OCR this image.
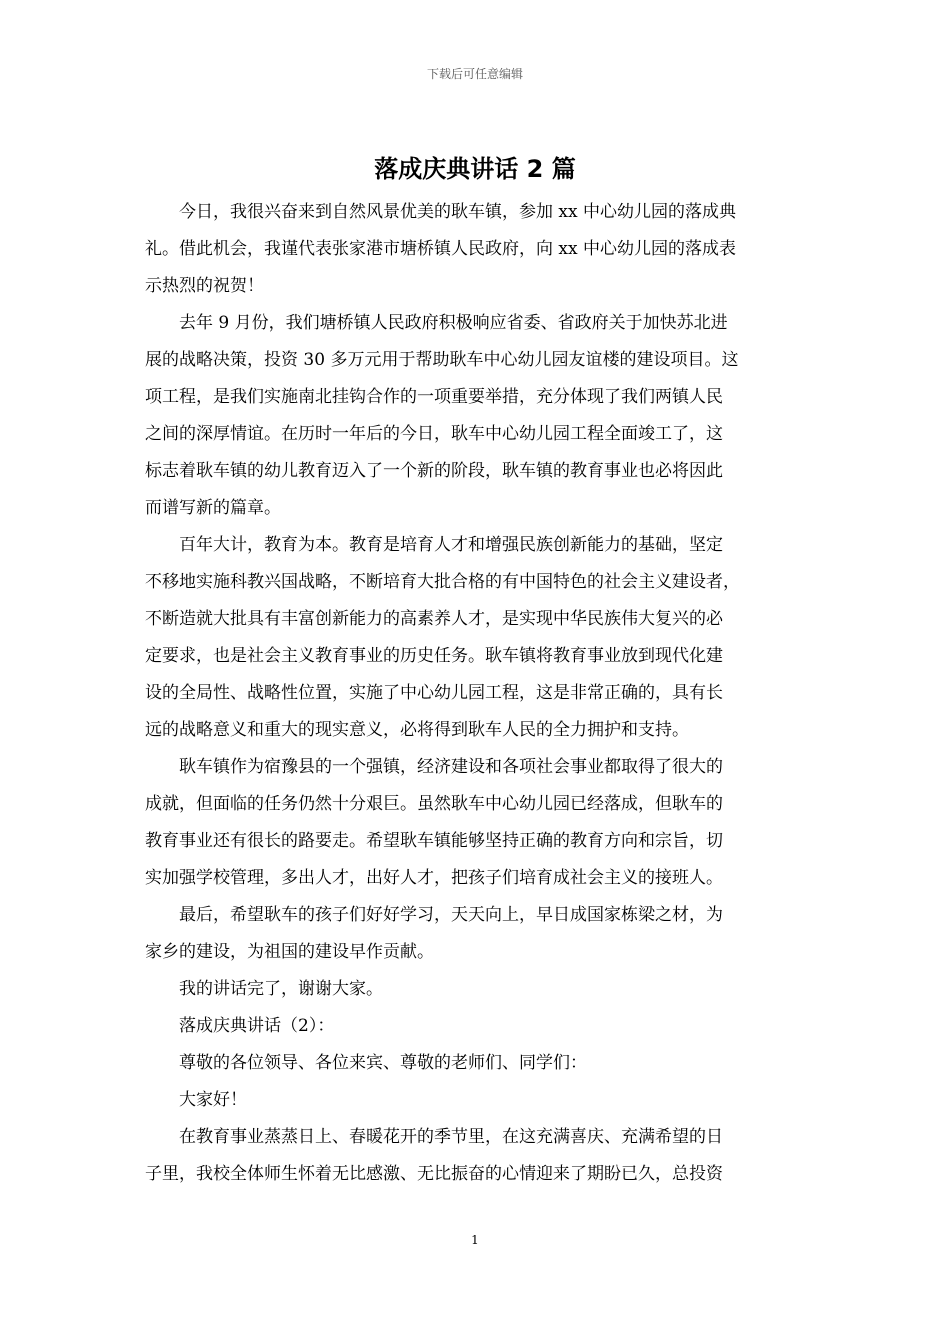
下载后可任意编辑
落成庆典讲话 2 篇
　　今日，我很兴奋来到自然风景优美的耿车镇，参加 xx 中心幼儿园的落成典
礼。借此机会，我谨代表张家港市塘桥镇人民政府，向 xx 中心幼儿园的落成表
示热烈的祝贺！
　　去年 9 月份，我们塘桥镇人民政府积极响应省委、省政府关于加快苏北进
展的战略决策，投资 30 多万元用于帮助耿车中心幼儿园友谊楼的建设项目。这
项工程，是我们实施南北挂钩合作的一项重要举措，充分体现了我们两镇人民
之间的深厚情谊。在历时一年后的今日，耿车中心幼儿园工程全面竣工了，这
标志着耿车镇的幼儿教育迈入了一个新的阶段，耿车镇的教育事业也必将因此
而谱写新的篇章。
　　百年大计，教育为本。教育是培育人才和增强民族创新能力的基础，坚定
不移地实施科教兴国战略，不断培育大批合格的有中国特色的社会主义建设者，
不断造就大批具有丰富创新能力的高素养人才，是实现中华民族伟大复兴的必
定要求，也是社会主义教育事业的历史任务。耿车镇将教育事业放到现代化建
设的全局性、战略性位置，实施了中心幼儿园工程，这是非常正确的，具有长
远的战略意义和重大的现实意义，必将得到耿车人民的全力拥护和支持。
　　耿车镇作为宿豫县的一个强镇，经济建设和各项社会事业都取得了很大的
成就，但面临的任务仍然十分艰巨。虽然耿车中心幼儿园已经落成，但耿车的
教育事业还有很长的路要走。希望耿车镇能够坚持正确的教育方向和宗旨，切
实加强学校管理，多出人才，出好人才，把孩子们培育成社会主义的接班人。
　　最后，希望耿车的孩子们好好学习，天天向上，早日成国家栋梁之材，为
家乡的建设，为祖国的建设早作贡献。
　　我的讲话完了，谢谢大家。
　　落成庆典讲话（2）：
　　尊敬的各位领导、各位来宾、尊敬的老师们、同学们：
　　大家好！
　　在教育事业蒸蒸日上、春暖花开的季节里，在这充满喜庆、充满希望的日
子里，我校全体师生怀着无比感激、无比振奋的心情迎来了期盼已久，总投资
1
